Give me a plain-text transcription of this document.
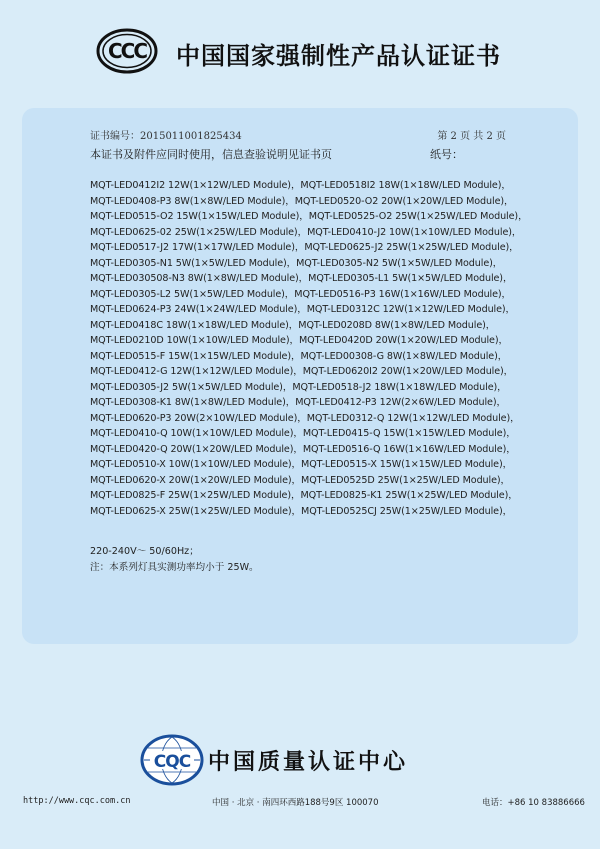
CCC 中国国家强制性产品认证证书
证书编号：2015011001825434	第 2 页 共 2 页
本证书及附件应同时使用，信息查验说明见证书页	纸号：
MQT-LED0412I2 12W(1×12W/LED Module)，MQT-LED0518I2 18W(1×18W/LED Module)，
MQT-LED0408-P3 8W(1×8W/LED Module)，MQT-LED0520-O2 20W(1×20W/LED Module)，
MQT-LED0515-O2 15W(1×15W/LED Module)，MQT-LED0525-O2 25W(1×25W/LED Module)，
MQT-LED0625-02 25W(1×25W/LED Module)，MQT-LED0410-J2 10W(1×10W/LED Module)，
MQT-LED0517-J2 17W(1×17W/LED Module)，MQT-LED0625-J2 25W(1×25W/LED Module)，
MQT-LED0305-N1 5W(1×5W/LED Module)，MQT-LED0305-N2 5W(1×5W/LED Module)，
MQT-LED030508-N3 8W(1×8W/LED Module)，MQT-LED0305-L1 5W(1×5W/LED Module)，
MQT-LED0305-L2 5W(1×5W/LED Module)，MQT-LED0516-P3 16W(1×16W/LED Module)，
MQT-LED0624-P3 24W(1×24W/LED Module)，MQT-LED0312C 12W(1×12W/LED Module)，
MQT-LED0418C 18W(1×18W/LED Module)，MQT-LED0208D 8W(1×8W/LED Module)，
MQT-LED0210D 10W(1×10W/LED Module)，MQT-LED0420D 20W(1×20W/LED Module)，
MQT-LED0515-F 15W(1×15W/LED Module)，MQT-LED00308-G 8W(1×8W/LED Module)，
MQT-LED0412-G 12W(1×12W/LED Module)，MQT-LED0620I2 20W(1×20W/LED Module)，
MQT-LED0305-J2 5W(1×5W/LED Module)，MQT-LED0518-J2 18W(1×18W/LED Module)，
MQT-LED0308-K1 8W(1×8W/LED Module)，MQT-LED0412-P3 12W(2×6W/LED Module)，
MQT-LED0620-P3 20W(2×10W/LED Module)，MQT-LED0312-Q 12W(1×12W/LED Module)，
MQT-LED0410-Q 10W(1×10W/LED Module)，MQT-LED0415-Q 15W(1×15W/LED Module)，
MQT-LED0420-Q 20W(1×20W/LED Module)，MQT-LED0516-Q 16W(1×16W/LED Module)，
MQT-LED0510-X 10W(1×10W/LED Module)，MQT-LED0515-X 15W(1×15W/LED Module)，
MQT-LED0620-X 20W(1×20W/LED Module)，MQT-LED0525D 25W(1×25W/LED Module)，
MQT-LED0825-F 25W(1×25W/LED Module)，MQT-LED0825-K1 25W(1×25W/LED Module)，
MQT-LED0625-X 25W(1×25W/LED Module)，MQT-LED0525CJ 25W(1×25W/LED Module)，
220-240V～ 50/60Hz；
注：本系列灯具实测功率均小于 25W。
CQC 中国质量认证中心
http://www.cqc.com.cn	中国 · 北京 · 南四环西路188号9区 100070	电话：+86 10 83886666
